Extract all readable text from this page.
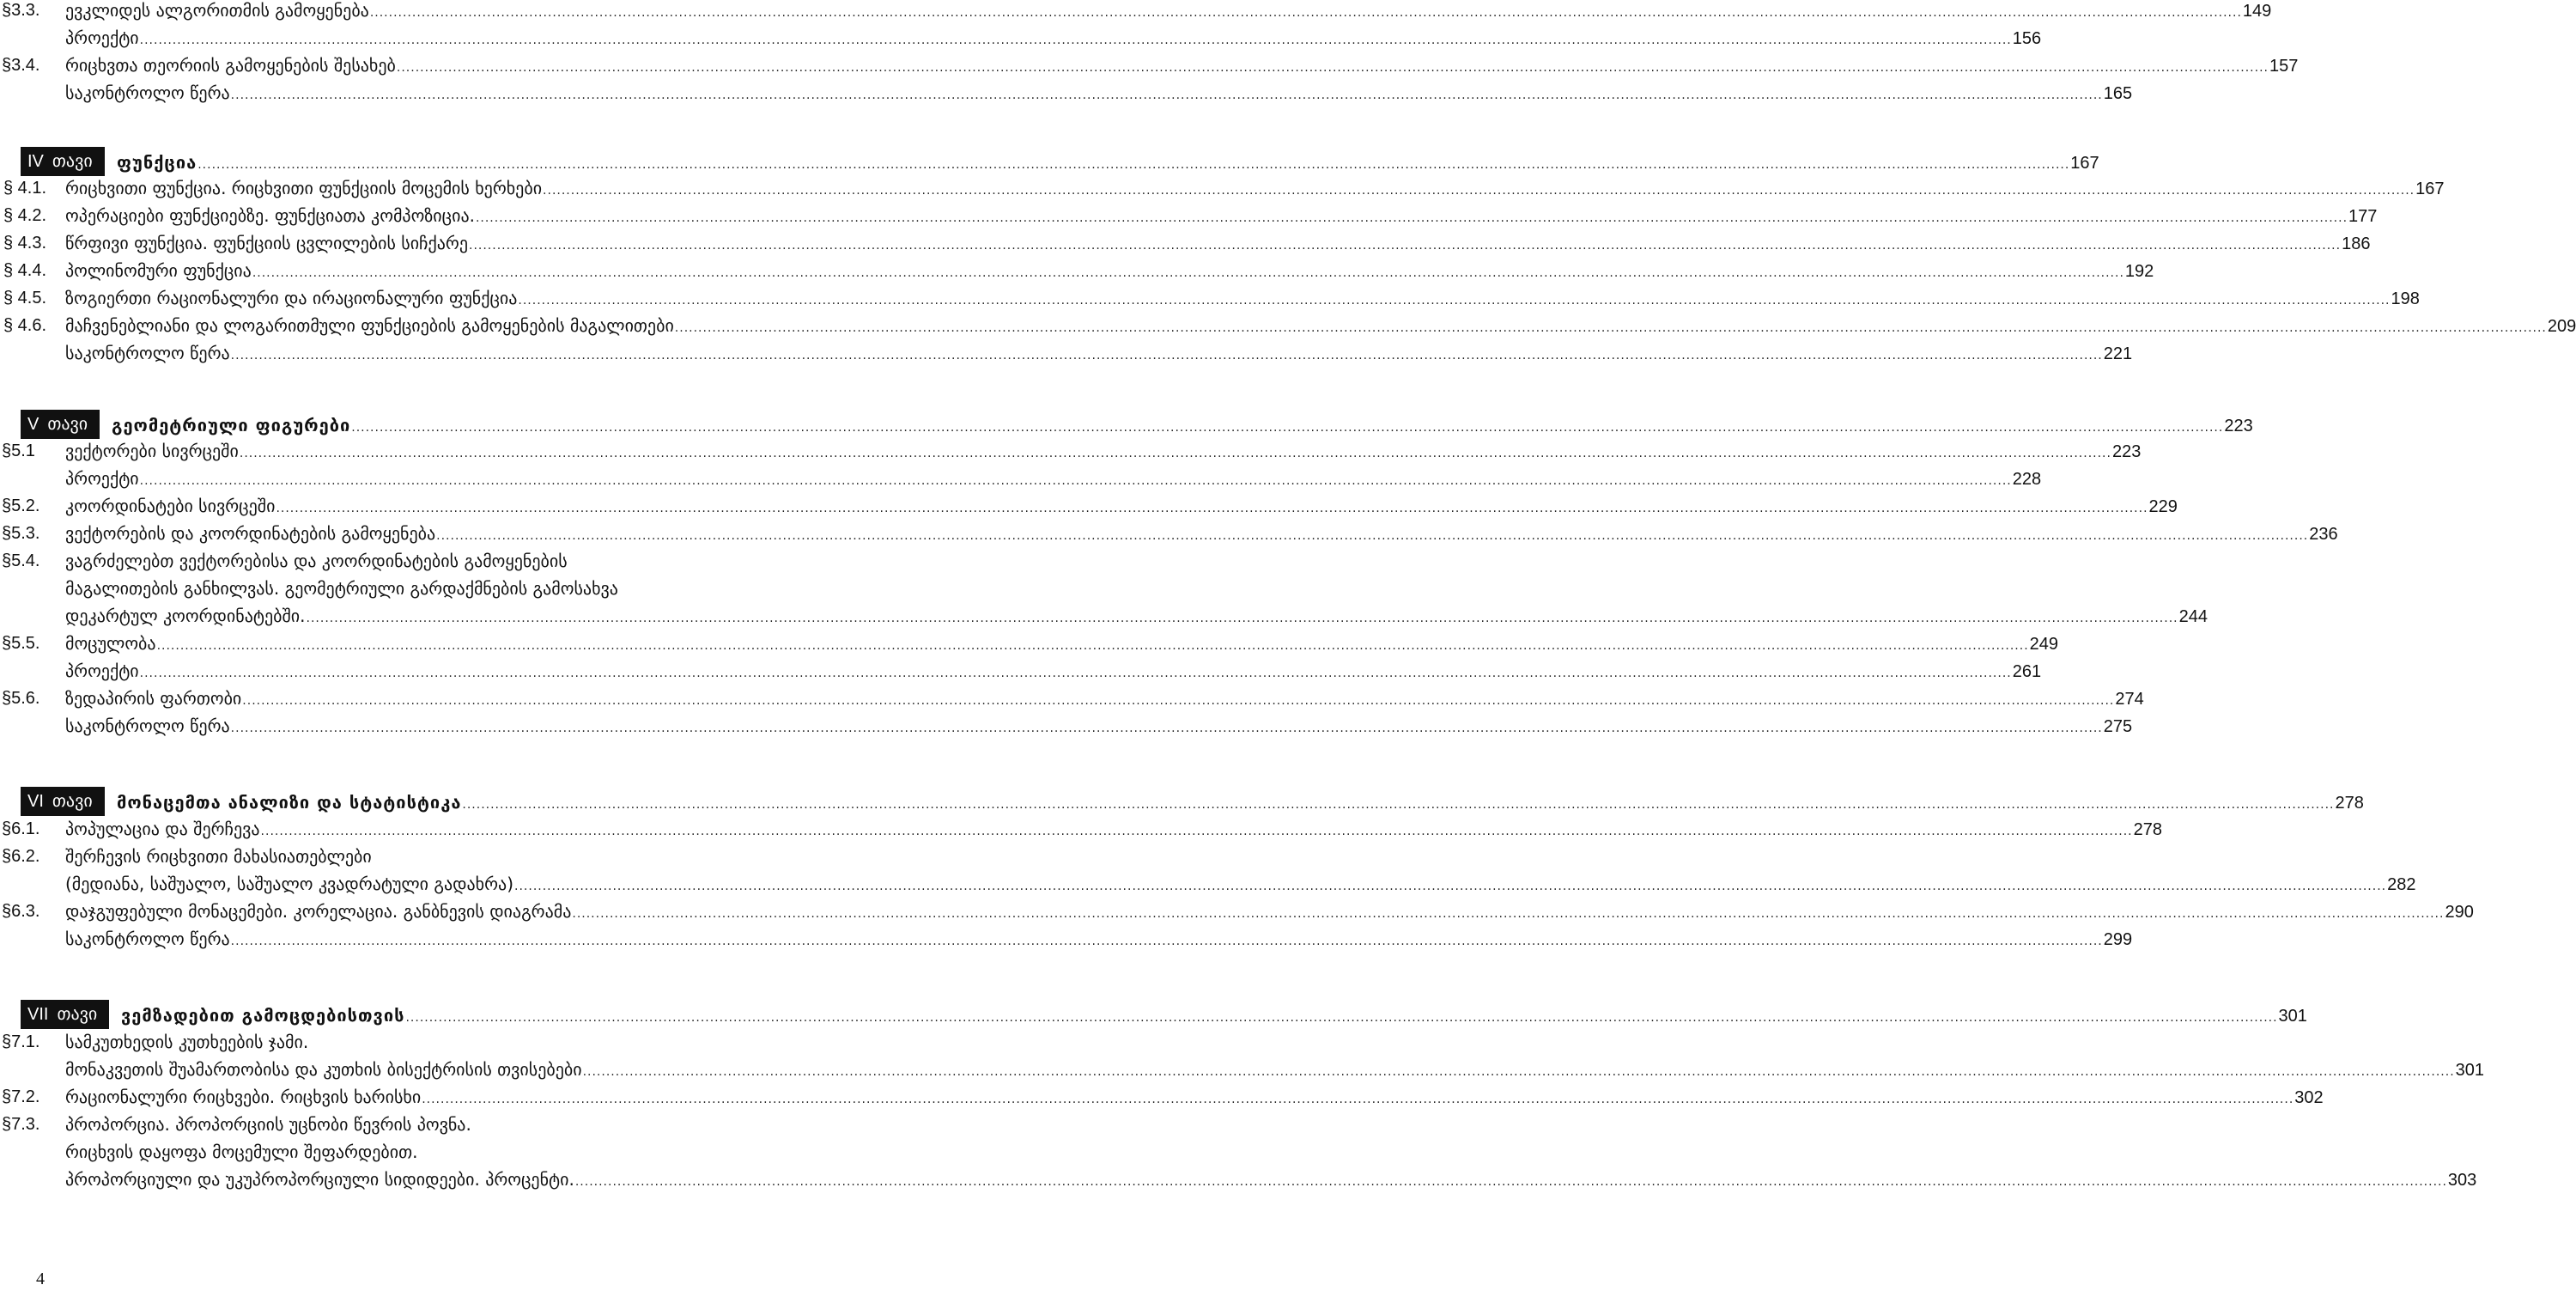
§3.3. ევკლიდეს ალგორითმის გამოყენება ................................................................................................................................................................................................................................................................................................................................................................................................................ 149
პროექტი ................................................................................................................................................................................................................................................................................................................................................................................................................ 156
§3.4. რიცხვთა თეორიის გამოყენების შესახებ ................................................................................................................................................................................................................................................................................................................................................................................................................ 157
საკონტროლო წერა ................................................................................................................................................................................................................................................................................................................................................................................................................ 165
IV თავი	ფუნქცია ................................................................................................................................................................................................................................................................................................................................................................................................................ 167
§ 4.1. რიცხვითი ფუნქცია. რიცხვითი ფუნქციის მოცემის ხერხები ................................................................................................................................................................................................................................................................................................................................................................................................................ 167
§ 4.2. ოპერაციები ფუნქციებზე. ფუნქციათა კომპოზიცია. ................................................................................................................................................................................................................................................................................................................................................................................................................ 177
§ 4.3. წრფივი ფუნქცია. ფუნქციის ცვლილების სიჩქარე ................................................................................................................................................................................................................................................................................................................................................................................................................ 186
§ 4.4. პოლინომური ფუნქცია ................................................................................................................................................................................................................................................................................................................................................................................................................ 192
§ 4.5. ზოგიერთი რაციონალური და ირაციონალური ფუნქცია ................................................................................................................................................................................................................................................................................................................................................................................................................ 198
§ 4.6. მაჩვენებლიანი და ლოგარითმული ფუნქციების გამოყენების მაგალითები ................................................................................................................................................................................................................................................................................................................................................................................................................ 209
საკონტროლო წერა ................................................................................................................................................................................................................................................................................................................................................................................................................ 221
V თავი	გეომეტრიული ფიგურები ................................................................................................................................................................................................................................................................................................................................................................................................................ 223
§5.1 ვექტორები სივრცეში ................................................................................................................................................................................................................................................................................................................................................................................................................ 223
პროექტი ................................................................................................................................................................................................................................................................................................................................................................................................................ 228
§5.2. კოორდინატები სივრცეში ................................................................................................................................................................................................................................................................................................................................................................................................................ 229
§5.3. ვექტორების და კოორდინატების გამოყენება ................................................................................................................................................................................................................................................................................................................................................................................................................ 236
§5.4. ვაგრძელებთ ვექტორებისა და კოორდინატების გამოყენების
მაგალითების განხილვას. გეომეტრიული გარდაქმნების გამოსახვა
დეკარტულ კოორდინატებში. ................................................................................................................................................................................................................................................................................................................................................................................................................ 244
§5.5. მოცულობა ................................................................................................................................................................................................................................................................................................................................................................................................................ 249
პროექტი ................................................................................................................................................................................................................................................................................................................................................................................................................ 261
§5.6. ზედაპირის ფართობი ................................................................................................................................................................................................................................................................................................................................................................................................................ 274
საკონტროლო წერა ................................................................................................................................................................................................................................................................................................................................................................................................................ 275
VI თავი	მონაცემთა ანალიზი და სტატისტიკა ................................................................................................................................................................................................................................................................................................................................................................................................................ 278
§6.1. პოპულაცია და შერჩევა ................................................................................................................................................................................................................................................................................................................................................................................................................ 278
§6.2. შერჩევის რიცხვითი მახასიათებლები
(მედიანა, საშუალო, საშუალო კვადრატული გადახრა) ................................................................................................................................................................................................................................................................................................................................................................................................................ 282
§6.3. დაჯგუფებული მონაცემები. კორელაცია. განბნევის დიაგრამა ................................................................................................................................................................................................................................................................................................................................................................................................................ 290
საკონტროლო წერა ................................................................................................................................................................................................................................................................................................................................................................................................................ 299
VII თავი	ვემზადებით გამოცდებისთვის ................................................................................................................................................................................................................................................................................................................................................................................................................ 301
§7.1. სამკუთხედის კუთხეების ჯამი.
მონაკვეთის შუამართობისა და კუთხის ბისექტრისის თვისებები ................................................................................................................................................................................................................................................................................................................................................................................................................ 301
§7.2. რაციონალური რიცხვები. რიცხვის ხარისხი ................................................................................................................................................................................................................................................................................................................................................................................................................ 302
§7.3. პროპორცია. პროპორციის უცნობი წევრის პოვნა.
რიცხვის დაყოფა მოცემული შეფარდებით.
პროპორციული და უკუპროპორციული სიდიდეები. პროცენტი. ................................................................................................................................................................................................................................................................................................................................................................................................................ 303
4
